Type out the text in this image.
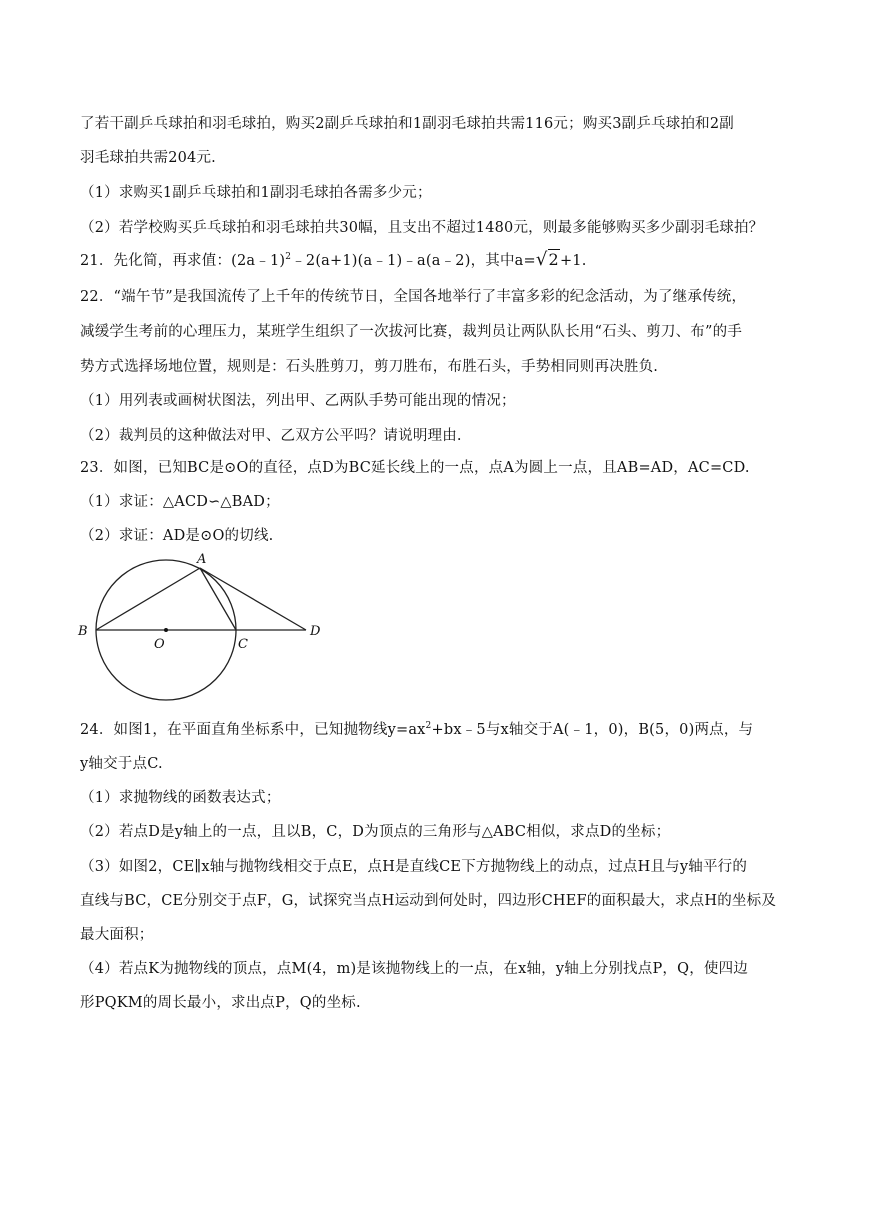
了若干副乒乓球拍和羽毛球拍，购买2副乒乓球拍和1副羽毛球拍共需116元；购买3副乒乓球拍和2副
羽毛球拍共需204元.
（1）求购买1副乒乓球拍和1副羽毛球拍各需多少元；
（2）若学校购买乒乓球拍和羽毛球拍共30幅，且支出不超过1480元，则最多能够购买多少副羽毛球拍？
21．先化简，再求值：(2a﹣1)$^2$﹣2(a+1)(a﹣1)﹣a(a﹣2)，其中a=√2+1.
22．“端午节”是我国流传了上千年的传统节日，全国各地举行了丰富多彩的纪念活动，为了继承传统，
减缓学生考前的心理压力，某班学生组织了一次拔河比赛，裁判员让两队队长用“石头、剪刀、布”的手
势方式选择场地位置，规则是：石头胜剪刀，剪刀胜布，布胜石头，手势相同则再决胜负.
（1）用列表或画树状图法，列出甲、乙两队手势可能出现的情况；
（2）裁判员的这种做法对甲、乙双方公平吗？请说明理由.
23．如图，已知BC是⊙O的直径，点D为BC延长线上的一点，点A为圆上一点，且AB=AD，AC=CD.
（1）求证：△ACD∽△BAD；
（2）求证：AD是⊙O的切线.
A
B
O	C
D
24．如图1，在平面直角坐标系中，已知抛物线$y=ax^2+bx﹣5$与x轴交于A(﹣1，0)，B(5，0)两点，与
y轴交于点C.
（1）求抛物线的函数表达式；
（2）若点D是y轴上的一点，且以B，C，D为顶点的三角形与△ABC相似，求点D的坐标；
（3）如图2，CE∥x轴与抛物线相交于点E，点H是直线CE下方抛物线上的动点，过点H且与y轴平行的
直线与BC，CE分别交于点F，G，试探究当点H运动到何处时，四边形CHEF的面积最大，求点H的坐标及
最大面积；
（4）若点K为抛物线的顶点，点M(4，m)是该抛物线上的一点，在x轴，y轴上分别找点P，Q，使四边
形PQKM的周长最小，求出点P，Q的坐标.
